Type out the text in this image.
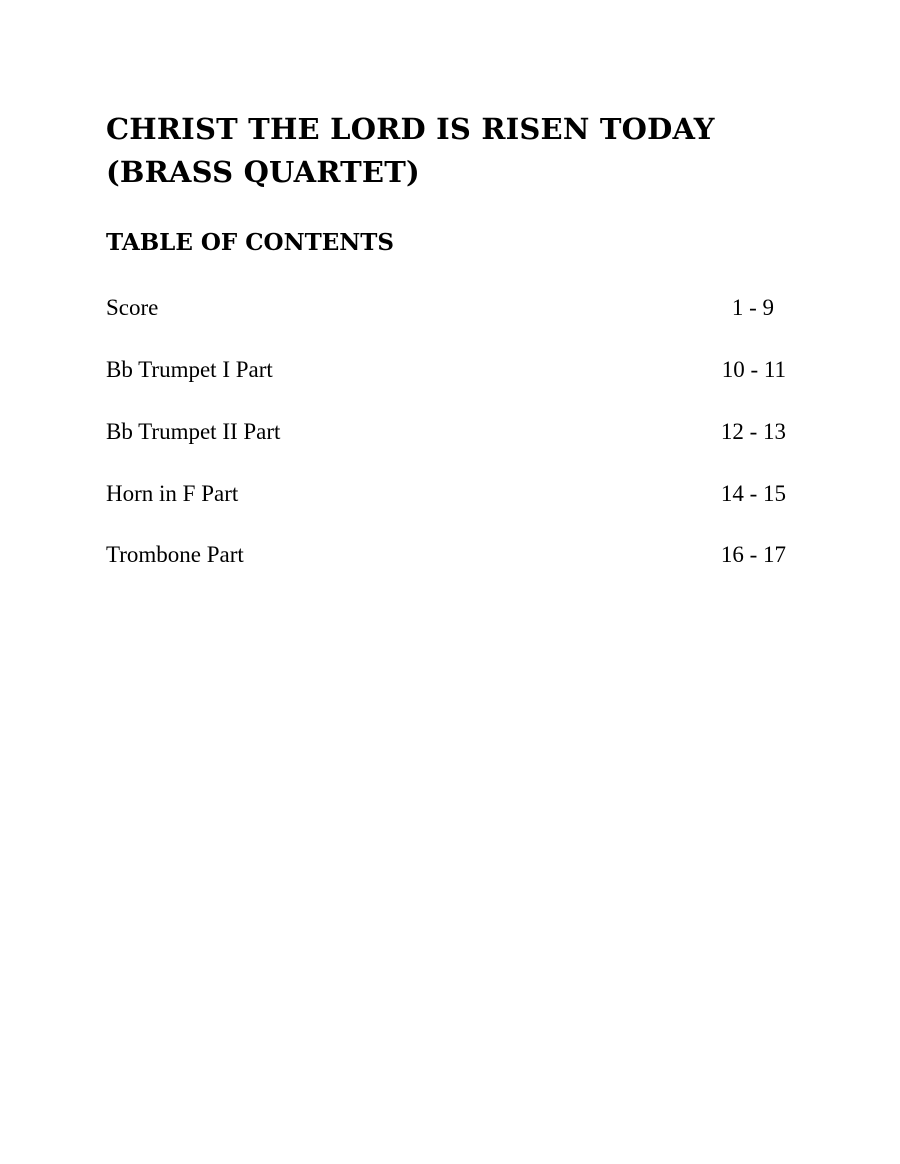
CHRIST THE LORD IS RISEN TODAY
(BRASS QUARTET)
TABLE OF CONTENTS
Score	1 - 9
Bb Trumpet I Part	10 - 11
Bb Trumpet II Part	12 - 13
Horn in F Part	14 - 15
Trombone Part	16 - 17
